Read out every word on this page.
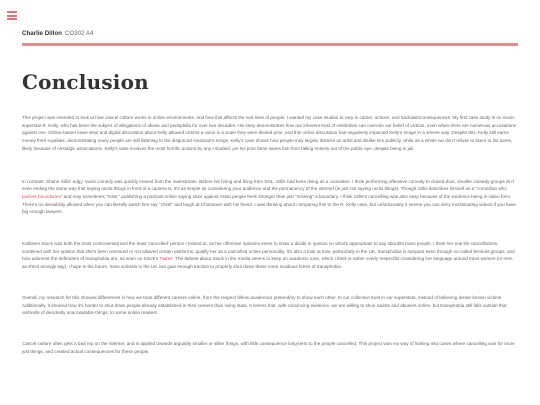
Charlie Dillon CO302 A4
Conclusion

This project was intended to look at how cancel culture works in online environments, and how this affects the real lives of people. I wanted my case studies to vary in career, actions, and backlash/consequences. My first case study is on music superstar R. Kelly, who has been the subject of allegations of abuse and pedophilia for over two decades. His story demonstrates how our inherent trust of celebrities can overrule our belief of victims, even when there are numerous accusations against one. Online-based news sites and digital discussion about Kelly allowed victims a voice in a scale they were denied prior, and this online discussion has negatively impacted Kelly's image in a severe way. Despite this, Kelly still earns money from royalties, demonstrating many people are still listening to the disgraced musician's songs. Kelly's case shows how people may largely dismiss an artist and dislike him publicly, while as a whole we don't refuse to listen to his tunes, likely because of nostalgic associations. Kelly's case involves the most horrific actions by any I studied, yet his prior fame saves him from falling entirely out of the public eye, despite being in jail.

In contrast, Shane Gillis' edgy' racist comedy was quickly erased from the mainstream. Before his hiring and firing from SNL, Gillis had been rising as a comedian. I think performing offensive comedy to closed-door, smaller comedy groups isn't even ending the same way that saying racist things in front of a camera is. It's as simple as considering your audience and the permanency of the internet (ie just not saying racist things). Though Gillis describes himself as a "comedian who pushes boundaries" and may sometimes "miss," publishing a podcast online saying slurs against Asian people feels stronger than just "missing" a boundary. I think Gillis's cancelling was also easy because of the evidence being in video form. There's no deniability allowed when you can literally watch him say "chink" and laugh at Chinatown with his friend. I was thinking about comparing this to the R. Kelly case, but unfortunately it seems you can deny incriminating videos if you have big enough lawyers.

Kathleen Stock was both the most controversial and the least 'cancelled' person I looked at, as her offensive opinions seem to show a divide in opinion on what's appropriate to say about/to trans people. I think her real life cancellations, combined with her opinion that she's been censored or not allowed certain platforms, qualify her as a cancelled online personality. It's also a look at how, particularly in the UK, transphobia is rampant even through so-called feminist groups, and how adament the defenders of transphobia are, as seen on Stock's Twitter. The debate about Stock in the media seems to keep on academic tone, which I think is rather overly respectful considering her language around trans women (or men, as she'd wrongly say). I hope in the future, trans activists in the UK can gain enough traction to properly shut down these more insidious forms of transphobia.

Overall, my research for this showed differences in how we treat different careers online, from the respect fellow academics pretend/try to show each other, to our collective trust in our superstars, instead of believing lesser-known victims. Additionally, it showed how it's harder to shut down people already established in their careers than rising stars. It seems that, with convincing evidence, we are willing to shun racists and abusers online, but transphobia still falls outside that umbrella of decidedly unacceptable things, to some online readers.

Cancel culture often gets a bad rep on the internet, and is applied towards arguably smaller or sillier things, with little consequence long-term to the people cancelled. This project was my way of looking into cases where cancelling was for more just things, and created actual consequences for these people.
